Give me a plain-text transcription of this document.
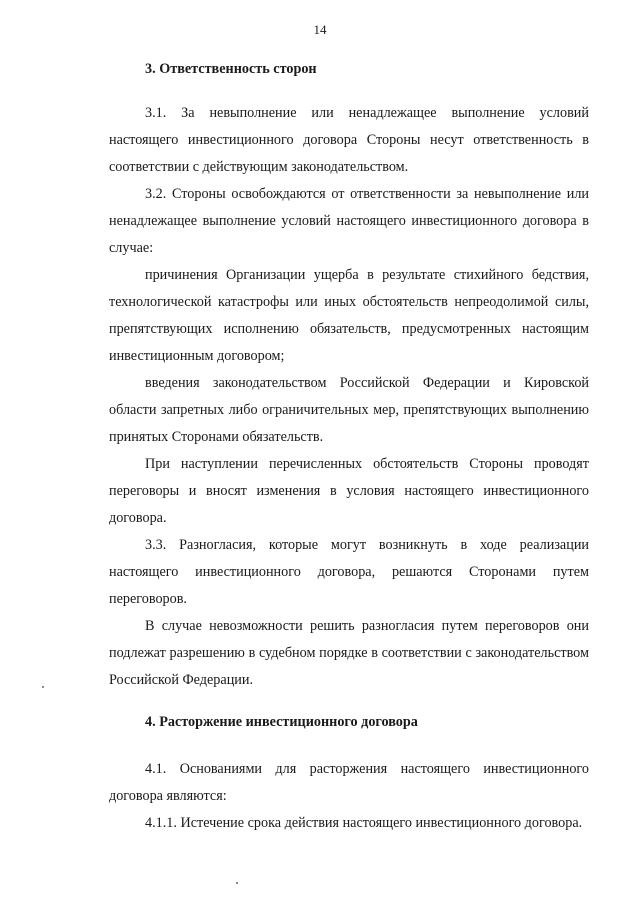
14
3. Ответственность сторон

3.1. За невыполнение или ненадлежащее выполнение условий настоящего инвестиционного договора Стороны несут ответственность в соответствии с действующим законодательством.

3.2. Стороны освобождаются от ответственности за невыполнение или ненадлежащее выполнение условий настоящего инвестиционного договора в случае:

причинения Организации ущерба в результате стихийного бедствия, технологической катастрофы или иных обстоятельств непреодолимой силы, препятствующих исполнению обязательств, предусмотренных настоящим инвестиционным договором;

введения законодательством Российской Федерации и Кировской области запретных либо ограничительных мер, препятствующих выполнению принятых Сторонами обязательств.

При наступлении перечисленных обстоятельств Стороны проводят переговоры и вносят изменения в условия настоящего инвестиционного договора.

3.3. Разногласия, которые могут возникнуть в ходе реализации настоящего инвестиционного договора, решаются Сторонами путем переговоров.

В случае невозможности решить разногласия путем переговоров они подлежат разрешению в судебном порядке в соответствии с законодательством Российской Федерации.

4. Расторжение инвестиционного договора

4.1. Основаниями для расторжения настоящего инвестиционного договора являются:

4.1.1. Истечение срока действия настоящего инвестиционного договора.
